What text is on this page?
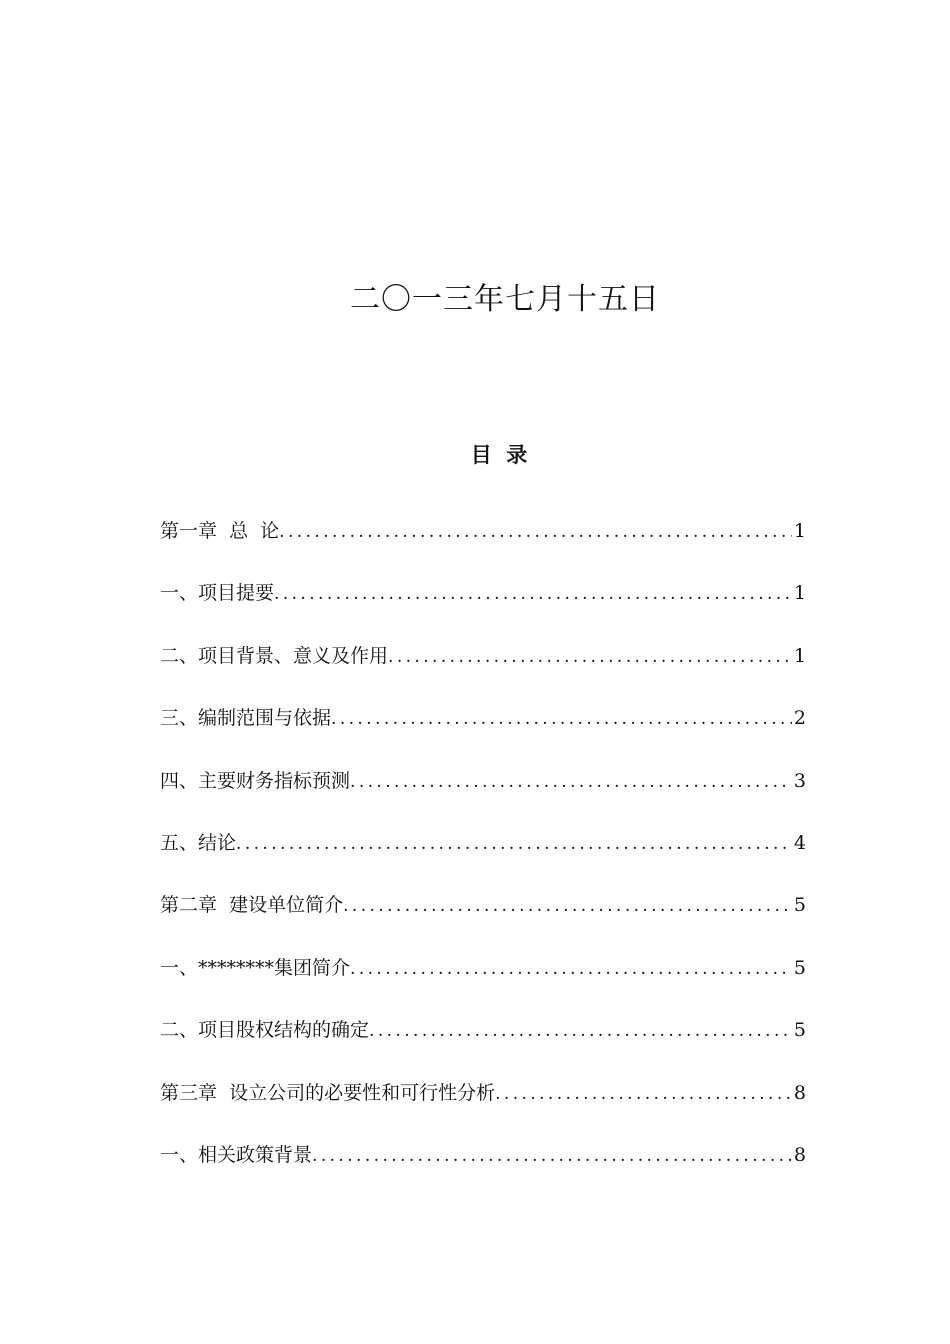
二〇一三年七月十五日
目  录
第一章  总  论 .....	1
一、项目提要 .....	1
二、项目背景、意义及作用 .....	1
三、编制范围与依据 .....	2
四、主要财务指标预测 .....	3
五、结论 .....	4
第二章  建设单位简介 .....	5
一、********集团简介 .....	5
二、项目股权结构的确定 .....	5
第三章  设立公司的必要性和可行性分析 .....	8
一、相关政策背景 .....	8
